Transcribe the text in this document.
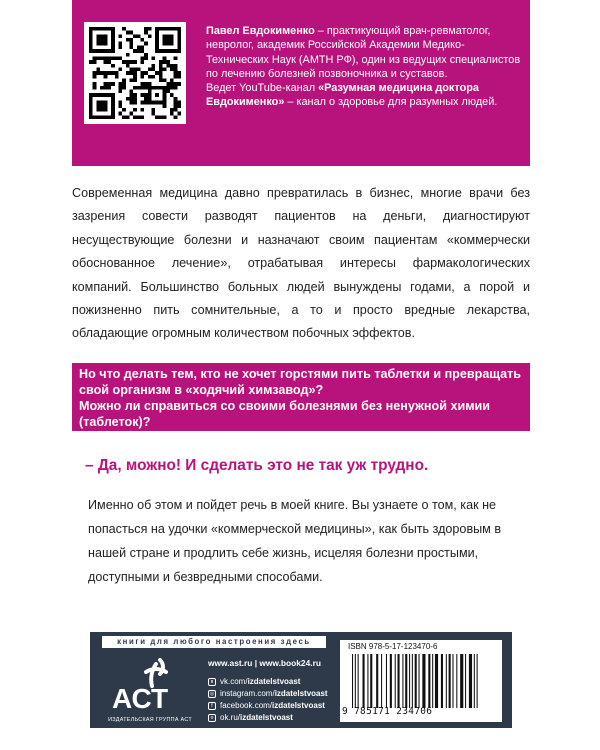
Павел Евдокименко – практикующий врач-ревматолог, невролог, академик Российской Академии Медико-Технических Наук (АМТН РФ), один из ведущих специалистов по лечению болезней позвоночника и суставов.
Ведет YouTube-канал «Разумная медицина доктора Евдокименко» – канал о здоровье для разумных людей.

Современная медицина давно превратилась в бизнес, многие врачи без зазрения совести разводят пациентов на деньги, диагностируют несуществующие болезни и назначают своим пациентам «коммерчески обоснованное лечение», отрабатывая интересы фармакологических компаний. Большинство больных людей вынуждены годами, а порой и пожизненно пить сомнительные, а то и просто вредные лекарства, обладающие огромным количеством побочных эффектов.

Но что делать тем, кто не хочет горстями пить таблетки и превращать свой организм в «ходячий химзавод»?
Можно ли справиться со своими болезнями без ненужной химии (таблеток)?
– Да, можно! И сделать это не так уж трудно.

Именно об этом и пойдет речь в моей книге. Вы узнаете о том, как не попасться на удочки «коммерческой медицины», как быть здоровым в нашей стране и продлить себе жизнь, исцеляя болезни простыми, доступными и безвредными способами.

книги для любого настроения здесь
АСТ
ИЗДАТЕЛЬСКАЯ ГРУППА АСТ
www.ast.ru | www.book24.ru
в vk.com/izdatelstvoast
◎ instagram.com/izdatelstvoast
f facebook.com/izdatelstvoast
о ok.ru/izdatelstvoast
ISBN 978-5-17-123470-6
9 785171 234706
